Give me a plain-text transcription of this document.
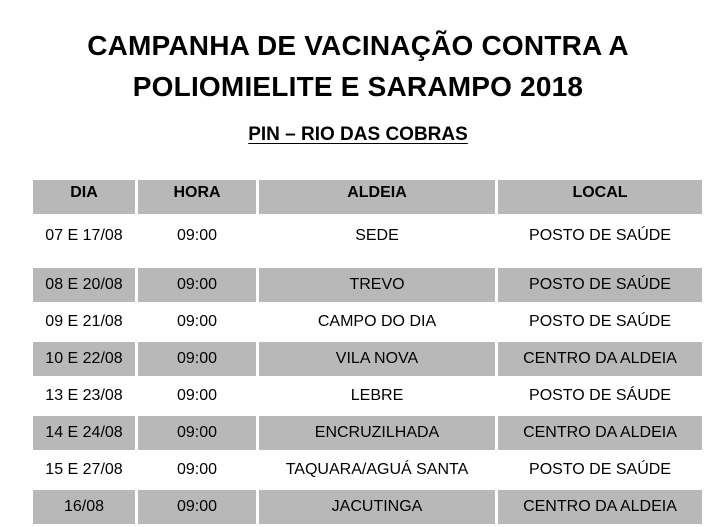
CAMPANHA DE VACINAÇÃO CONTRA A
POLIOMIELITE E SARAMPO 2018
PIN – RIO DAS COBRAS
DIA	HORA	ALDEIA	LOCAL
07 E 17/08	09:00	SEDE	POSTO DE SAÚDE
08 E 20/08	09:00	TREVO	POSTO DE SAÚDE
09 E 21/08	09:00	CAMPO DO DIA	POSTO DE SAÚDE
10 E 22/08	09:00	VILA NOVA	CENTRO DA ALDEIA
13 E 23/08	09:00	LEBRE	POSTO DE SÁUDE
14 E 24/08	09:00	ENCRUZILHADA	CENTRO DA ALDEIA
15 E 27/08	09:00	TAQUARA/AGUÁ SANTA	POSTO DE SAÚDE
16/08	09:00	JACUTINGA	CENTRO DA ALDEIA
